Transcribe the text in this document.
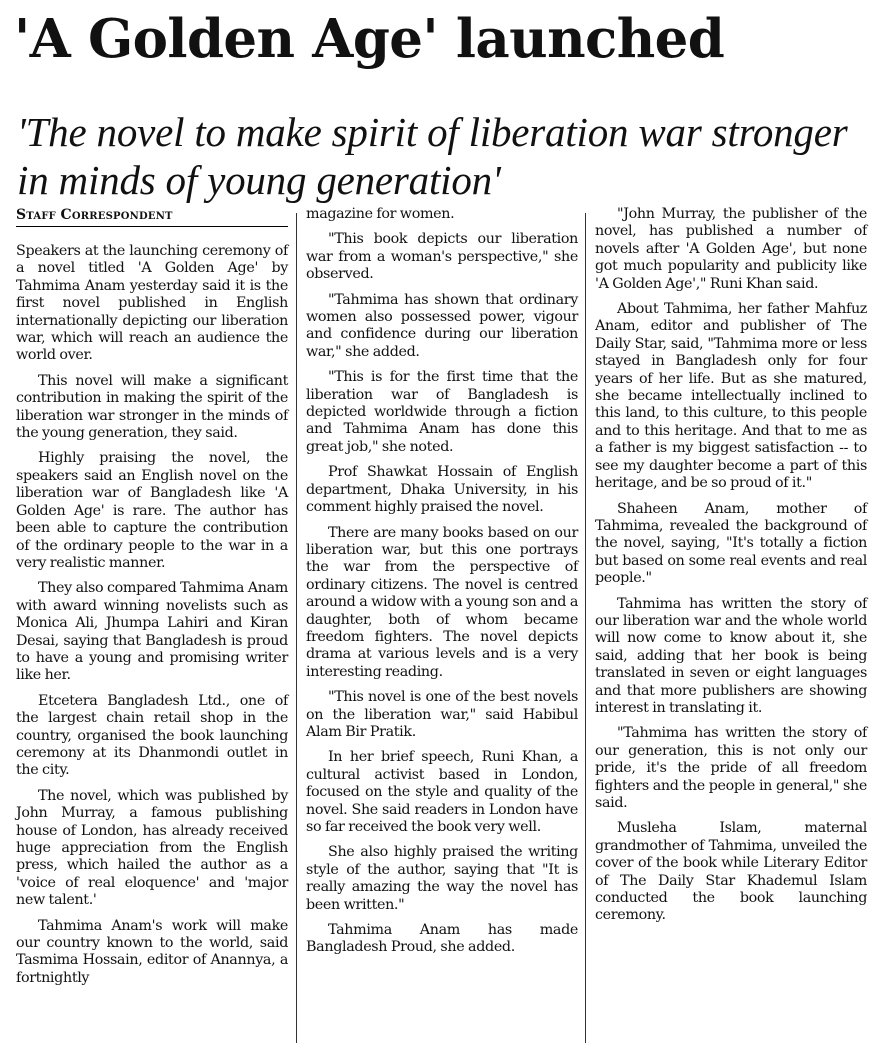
'A Golden Age' launched
'The novel to make spirit of liberation war stronger in minds of young generation'
Staff Correspondent

Speakers at the launching ceremony of a novel titled 'A Golden Age' by Tahmima Anam yesterday said it is the first novel published in English internationally depicting our liberation war, which will reach an audience the world over.

This novel will make a significant contribution in making the spirit of the liberation war stronger in the minds of the young generation, they said.

Highly praising the novel, the speakers said an English novel on the liberation war of Bangladesh like 'A Golden Age' is rare. The author has been able to capture the contribution of the ordinary people to the war in a very realistic manner.

They also compared Tahmima Anam with award winning novelists such as Monica Ali, Jhumpa Lahiri and Kiran Desai, saying that Bangladesh is proud to have a young and promising writer like her.

Etcetera Bangladesh Ltd., one of the largest chain retail shop in the country, organised the book launching ceremony at its Dhanmondi outlet in the city.

The novel, which was published by John Murray, a famous publishing house of London, has already received huge appreciation from the English press, which hailed the author as a 'voice of real eloquence' and 'major new talent.'

Tahmima Anam's work will make our country known to the world, said Tasmima Hossain, editor of Anannya, a fortnightly

magazine for women.

"This book depicts our liberation war from a woman's perspective," she observed.

"Tahmima has shown that ordinary women also possessed power, vigour and confidence during our liberation war," she added.

"This is for the first time that the liberation war of Bangladesh is depicted worldwide through a fiction and Tahmima Anam has done this great job," she noted.

Prof Shawkat Hossain of English department, Dhaka University, in his comment highly praised the novel.

There are many books based on our liberation war, but this one portrays the war from the perspective of ordinary citizens. The novel is centred around a widow with a young son and a daughter, both of whom became freedom fighters. The novel depicts drama at various levels and is a very interesting reading.

"This novel is one of the best novels on the liberation war," said Habibul Alam Bir Pratik.

In her brief speech, Runi Khan, a cultural activist based in London, focused on the style and quality of the novel. She said readers in London have so far received the book very well.

She also highly praised the writing style of the author, saying that "It is really amazing the way the novel has been written."

Tahmima Anam has made Bangladesh Proud, she added.

"John Murray, the publisher of the novel, has published a number of novels after 'A Golden Age', but none got much popularity and publicity like 'A Golden Age'," Runi Khan said.

About Tahmima, her father Mahfuz Anam, editor and publisher of The Daily Star, said, "Tahmima more or less stayed in Bangladesh only for four years of her life. But as she matured, she became intellectually inclined to this land, to this culture, to this people and to this heritage. And that to me as a father is my biggest satisfaction -- to see my daughter become a part of this heritage, and be so proud of it."

Shaheen Anam, mother of Tahmima, revealed the background of the novel, saying, "It's totally a fiction but based on some real events and real people."

Tahmima has written the story of our liberation war and the whole world will now come to know about it, she said, adding that her book is being translated in seven or eight languages and that more publishers are showing interest in translating it.

"Tahmima has written the story of our generation, this is not only our pride, it's the pride of all freedom fighters and the people in general," she said.

Musleha Islam, maternal grandmother of Tahmima, unveiled the cover of the book while Literary Editor of The Daily Star Khademul Islam conducted the book launching ceremony.
